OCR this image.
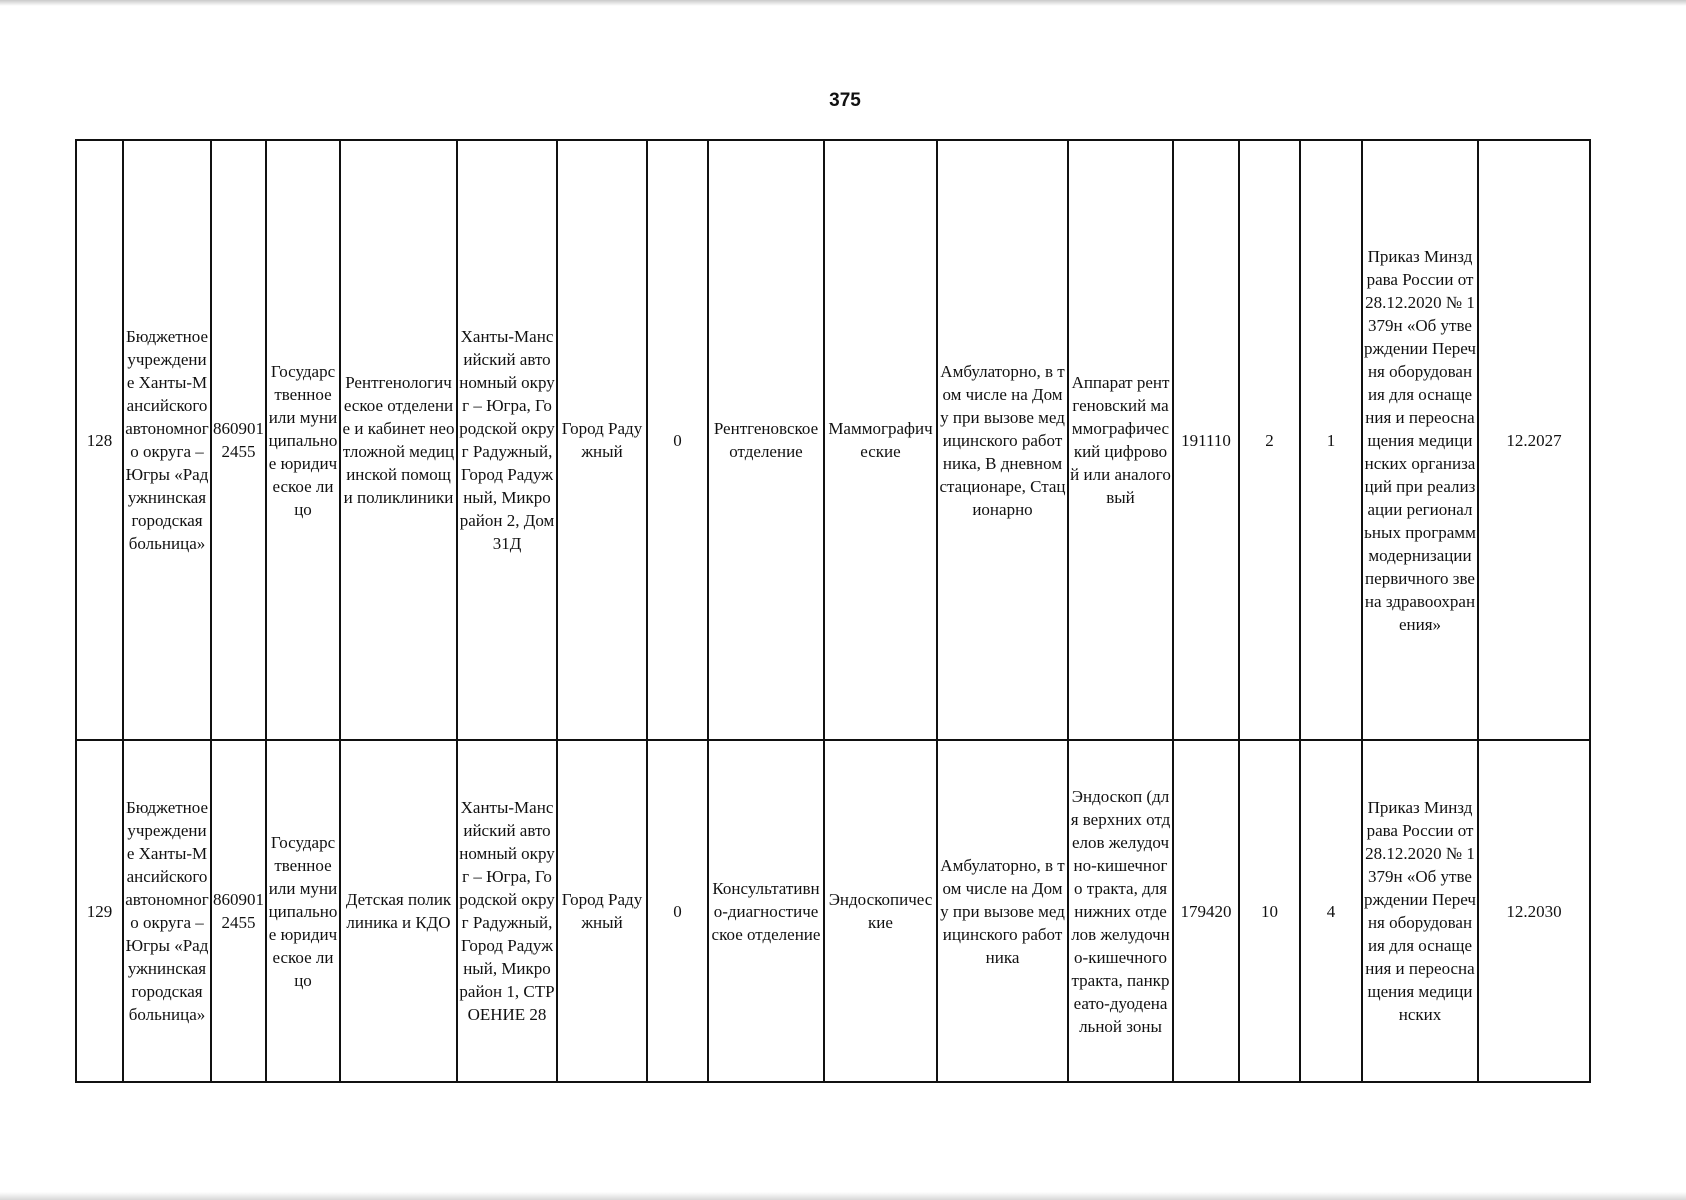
375
128	Бюджетное учреждение Ханты-Мансийского автономного округа – Югры «Радужнинская городская больница»	8609012455	Государственное или муниципальное юридическое лицо	Рентгенологическое отделение и кабинет неотложной медицинской помощи поликлиники	Ханты-Мансийский автономный округ – Югра, Городской округ Радужный, Город Радужный, Микрорайон 2, Дом 31Д	Город Радужный	0	Рентгеновское отделение	Маммографические	Амбулаторно, в том числе на Дому при вызове медицинского работника, В дневном стационаре, Стационарно	Аппарат рентгеновский маммографический цифровой или аналоговый	191110	2	1	Приказ Минздрава России от 28.12.2020 № 1379н «Об утверждении Перечня оборудования для оснащения и переоснащения медицинских организаций при реализации региональных программ модернизации первичного звена здравоохранения»	12.2027
129	Бюджетное учреждение Ханты-Мансийского автономного округа – Югры «Радужнинская городская больница»	8609012455	Государственное или муниципальное юридическое лицо	Детская поликлиника и КДО	Ханты-Мансийский автономный округ – Югра, Городской округ Радужный, Город Радужный, Микрорайон 1, СТРОЕНИЕ 28	Город Радужный	0	Консультативно-диагностическое отделение	Эндоскопические	Амбулаторно, в том числе на Дому при вызове медицинского работника	Эндоскоп (для верхних отделов желудочно-кишечного тракта, для нижних отделов желудочно-кишечного тракта, панкреато-дуоденальной зоны	179420	10	4	Приказ Минздрава России от 28.12.2020 № 1379н «Об утверждении Перечня оборудования для оснащения и переоснащения медицинских	12.2030
